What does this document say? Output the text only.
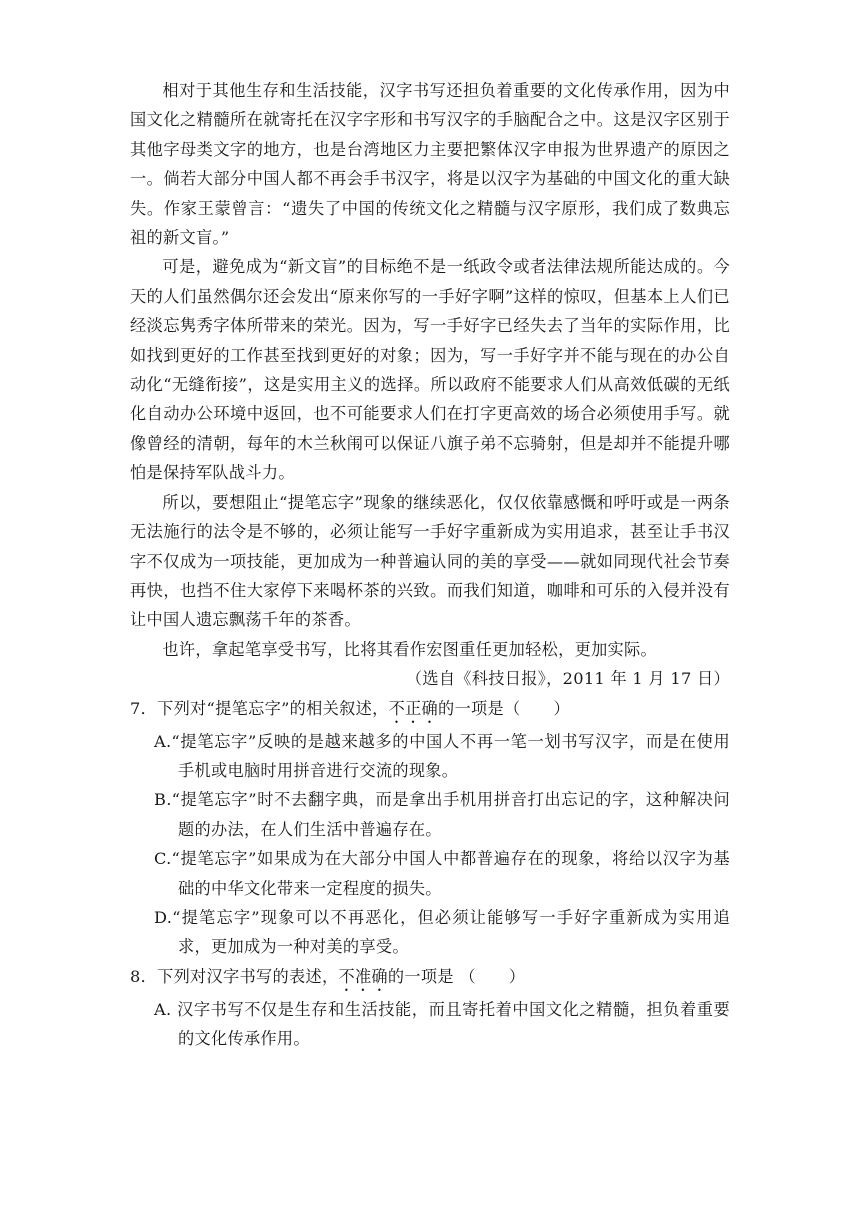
相对于其他生存和生活技能，汉字书写还担负着重要的文化传承作用，因为中国文化之精髓所在就寄托在汉字字形和书写汉字的手脑配合之中。这是汉字区别于其他字母类文字的地方，也是台湾地区力主要把繁体汉字申报为世界遗产的原因之一。倘若大部分中国人都不再会手书汉字，将是以汉字为基础的中国文化的重大缺失。作家王蒙曾言：“遗失了中国的传统文化之精髓与汉字原形，我们成了数典忘祖的新文盲。”

可是，避免成为“新文盲”的目标绝不是一纸政令或者法律法规所能达成的。今天的人们虽然偶尔还会发出“原来你写的一手好字啊”这样的惊叹，但基本上人们已经淡忘隽秀字体所带来的荣光。因为，写一手好字已经失去了当年的实际作用，比如找到更好的工作甚至找到更好的对象；因为，写一手好字并不能与现在的办公自动化“无缝衔接”，这是实用主义的选择。所以政府不能要求人们从高效低碳的无纸化自动办公环境中返回，也不可能要求人们在打字更高效的场合必须使用手写。就像曾经的清朝，每年的木兰秋闱可以保证八旗子弟不忘骑射，但是却并不能提升哪怕是保持军队战斗力。

所以，要想阻止“提笔忘字”现象的继续恶化，仅仅依靠感慨和呼吁或是一两条无法施行的法令是不够的，必须让能写一手好字重新成为实用追求，甚至让手书汉字不仅成为一项技能，更加成为一种普遍认同的美的享受——就如同现代社会节奏再快，也挡不住大家停下来喝杯茶的兴致。而我们知道，咖啡和可乐的入侵并没有让中国人遗忘飘荡千年的茶香。

也许，拿起笔享受书写，比将其看作宏图重任更加轻松，更加实际。

（选自《科技日报》，2011 年 1 月 17 日）

7．下列对“提笔忘字”的相关叙述，不正确的一项是（　　）

A.“提笔忘字”反映的是越来越多的中国人不再一笔一划书写汉字，而是在使用手机或电脑时用拼音进行交流的现象。

B.“提笔忘字”时不去翻字典，而是拿出手机用拼音打出忘记的字，这种解决问题的办法，在人们生活中普遍存在。

C.“提笔忘字”如果成为在大部分中国人中都普遍存在的现象，将给以汉字为基础的中华文化带来一定程度的损失。

D.“提笔忘字”现象可以不再恶化，但必须让能够写一手好字重新成为实用追求，更加成为一种对美的享受。

8．下列对汉字书写的表述，不准确的一项是 （　　）

A. 汉字书写不仅是生存和生活技能，而且寄托着中国文化之精髓，担负着重要的文化传承作用。
